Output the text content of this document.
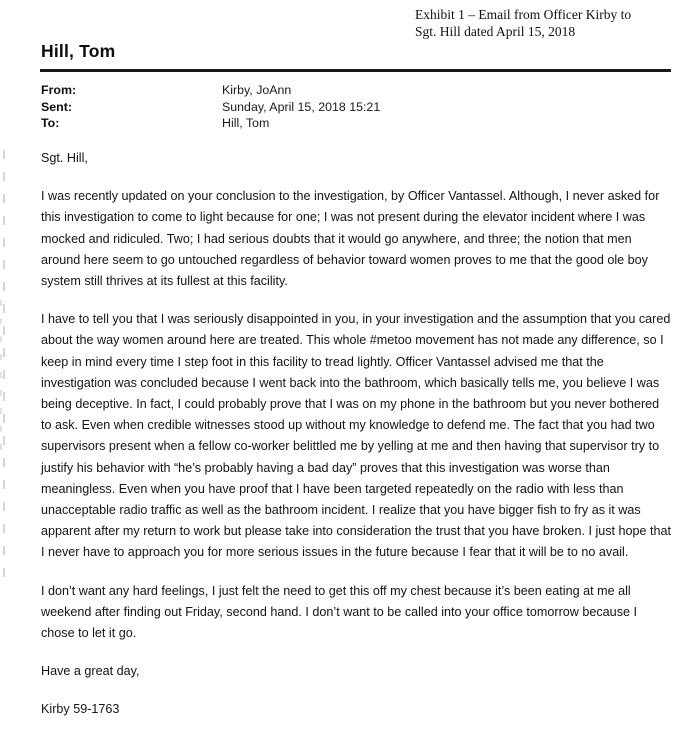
Exhibit 1 – Email from Officer Kirby to
Sgt. Hill dated April 15, 2018
Hill, Tom
From:	Kirby, JoAnn
Sent:	Sunday, April 15, 2018 15:21
To:	Hill, Tom

Sgt. Hill,

I was recently updated on your conclusion to the investigation, by Officer Vantassel. Although, I never asked for this investigation to come to light because for one; I was not present during the elevator incident where I was mocked and ridiculed. Two; I had serious doubts that it would go anywhere, and three; the notion that men around here seem to go untouched regardless of behavior toward women proves to me that the good ole boy system still thrives at its fullest at this facility.

I have to tell you that I was seriously disappointed in you, in your investigation and the assumption that you cared about the way women around here are treated. This whole #metoo movement has not made any difference, so I keep in mind every time I step foot in this facility to tread lightly. Officer Vantassel advised me that the investigation was concluded because I went back into the bathroom, which basically tells me, you believe I was being deceptive. In fact, I could probably prove that I was on my phone in the bathroom but you never bothered to ask. Even when credible witnesses stood up without my knowledge to defend me. The fact that you had two supervisors present when a fellow co-worker belittled me by yelling at me and then having that supervisor try to justify his behavior with “he’s probably having a bad day” proves that this investigation was worse than meaningless. Even when you have proof that I have been targeted repeatedly on the radio with less than unacceptable radio traffic as well as the bathroom incident. I realize that you have bigger fish to fry as it was apparent after my return to work but please take into consideration the trust that you have broken. I just hope that I never have to approach you for more serious issues in the future because I fear that it will be to no avail.

I don’t want any hard feelings, I just felt the need to get this off my chest because it’s been eating at me all weekend after finding out Friday, second hand. I don’t want to be called into your office tomorrow because I chose to let it go.

Have a great day,

Kirby 59-1763
